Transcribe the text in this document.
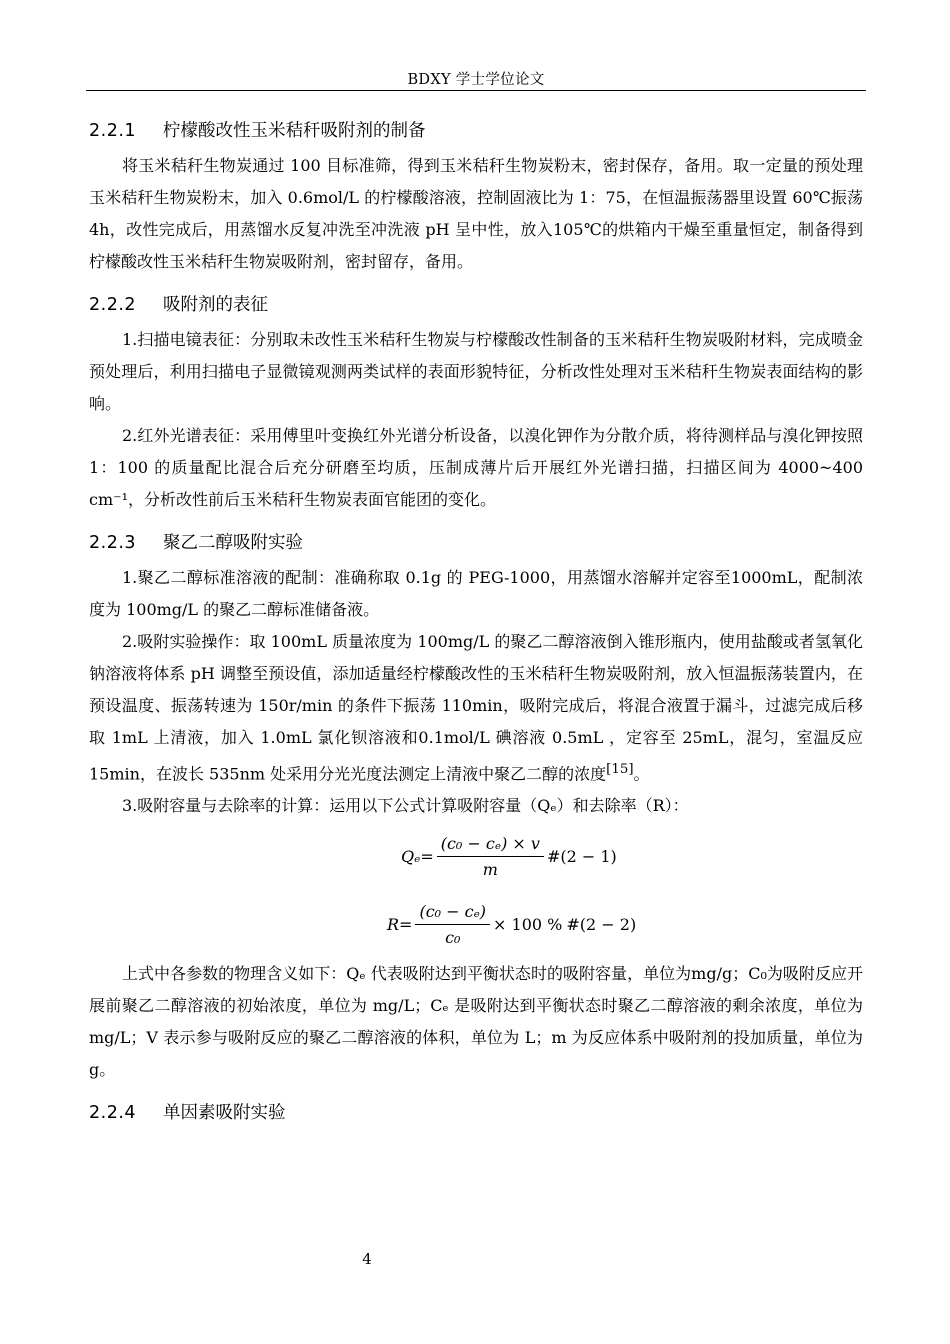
BDXY 学士学位论文
2.2.1 柠檬酸改性玉米秸秆吸附剂的制备

将玉米秸秆生物炭通过 100 目标准筛，得到玉米秸秆生物炭粉末，密封保存，备用。取一定量的预处理玉米秸秆生物炭粉末，加入 0.6mol/L 的柠檬酸溶液，控制固液比为 1：75，在恒温振荡器里设置 60℃振荡 4h，改性完成后，用蒸馏水反复冲洗至冲洗液 pH 呈中性，放入105℃的烘箱内干燥至重量恒定，制备得到柠檬酸改性玉米秸秆生物炭吸附剂，密封留存，备用。

2.2.2 吸附剂的表征

1.扫描电镜表征：分别取未改性玉米秸秆生物炭与柠檬酸改性制备的玉米秸秆生物炭吸附材料，完成喷金预处理后，利用扫描电子显微镜观测两类试样的表面形貌特征，分析改性处理对玉米秸秆生物炭表面结构的影响。

2.红外光谱表征：采用傅里叶变换红外光谱分析设备，以溴化钾作为分散介质，将待测样品与溴化钾按照 1：100 的质量配比混合后充分研磨至均质，压制成薄片后开展红外光谱扫描，扫描区间为 4000~400 cm⁻¹，分析改性前后玉米秸秆生物炭表面官能团的变化。

2.2.3 聚乙二醇吸附实验

1.聚乙二醇标准溶液的配制：准确称取 0.1g 的 PEG-1000，用蒸馏水溶解并定容至1000mL，配制浓度为 100mg/L 的聚乙二醇标准储备液。

2.吸附实验操作：取 100mL 质量浓度为 100mg/L 的聚乙二醇溶液倒入锥形瓶内，使用盐酸或者氢氧化钠溶液将体系 pH 调整至预设值，添加适量经柠檬酸改性的玉米秸秆生物炭吸附剂，放入恒温振荡装置内，在预设温度、振荡转速为 150r/min 的条件下振荡 110min，吸附完成后，将混合液置于漏斗，过滤完成后移取 1mL 上清液，加入 1.0mL 氯化钡溶液和0.1mol/L 碘溶液 0.5mL ，定容至 25mL，混匀，室温反应 15min，在波长 535nm 处采用分光光度法测定上清液中聚乙二醇的浓度[15]。

3.吸附容量与去除率的计算：运用以下公式计算吸附容量（Qₑ）和去除率（R）：

$Q_e = \frac{\text{(c₀ − cₑ) × v}}{m}$ #(2 − 1)
$R = \frac{\text{(c₀ − cₑ)}}{\text{c₀}} \times 100$ % #(2 − 2)

上式中各参数的物理含义如下：Qₑ 代表吸附达到平衡状态时的吸附容量，单位为mg/g；C₀为吸附反应开展前聚乙二醇溶液的初始浓度，单位为 mg/L；Cₑ 是吸附达到平衡状态时聚乙二醇溶液的剩余浓度，单位为 mg/L；V 表示参与吸附反应的聚乙二醇溶液的体积，单位为 L；m 为反应体系中吸附剂的投加质量，单位为 g。

2.2.4 单因素吸附实验
4
